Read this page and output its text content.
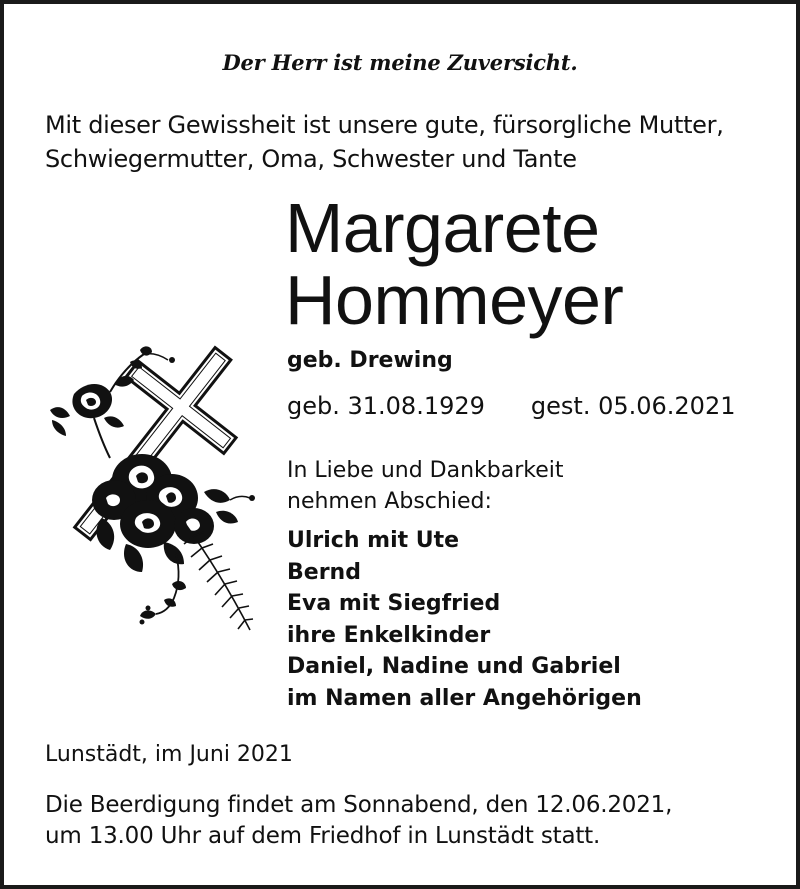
Der Herr ist meine Zuversicht.
Mit dieser Gewissheit ist unsere gute, fürsorgliche Mutter,
Schwiegermutter, Oma, Schwester und Tante
Margarete
Hommeyer
geb. Drewing
geb. 31.08.1929 gest. 05.06.2021
In Liebe und Dankbarkeit
nehmen Abschied:
Ulrich mit Ute
Bernd
Eva mit Siegfried
ihre Enkelkinder
Daniel, Nadine und Gabriel
im Namen aller Angehörigen
Lunstädt, im Juni 2021
Die Beerdigung findet am Sonnabend, den 12.06.2021,
um 13.00 Uhr auf dem Friedhof in Lunstädt statt.
